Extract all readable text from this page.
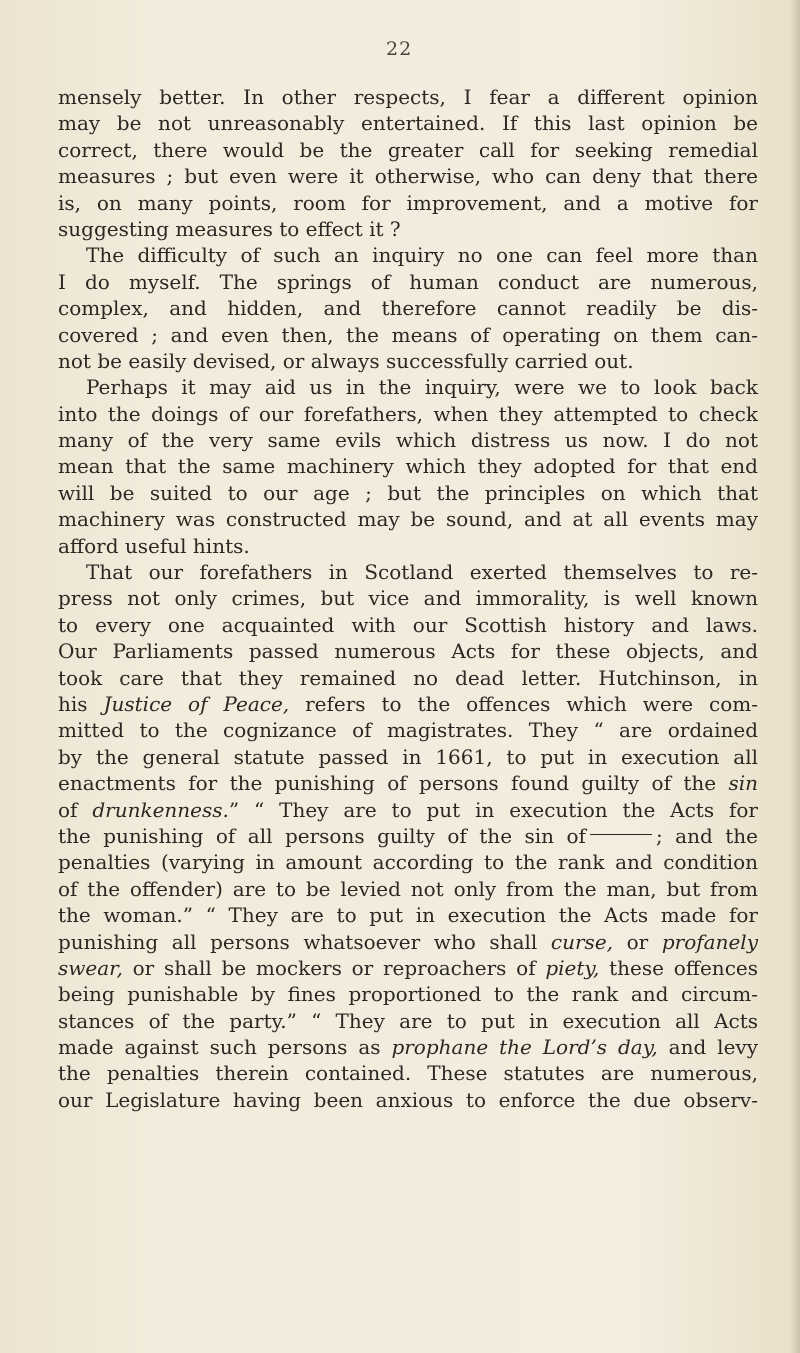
22
mensely better. In other respects, I fear a different opinion
may be not unreasonably entertained. If this last opinion be
correct, there would be the greater call for seeking remedial
measures ; but even were it otherwise, who can deny that there
is, on many points, room for improvement, and a motive for
suggesting measures to effect it ?
The difficulty of such an inquiry no one can feel more than
I do myself. The springs of human conduct are numerous,
complex, and hidden, and therefore cannot readily be dis-
covered ; and even then, the means of operating on them can-
not be easily devised, or always successfully carried out.
Perhaps it may aid us in the inquiry, were we to look back
into the doings of our forefathers, when they attempted to check
many of the very same evils which distress us now. I do not
mean that the same machinery which they adopted for that end
will be suited to our age ; but the principles on which that
machinery was constructed may be sound, and at all events may
afford useful hints.
That our forefathers in Scotland exerted themselves to re-
press not only crimes, but vice and immorality, is well known
to every one acquainted with our Scottish history and laws.
Our Parliaments passed numerous Acts for these objects, and
took care that they remained no dead letter. Hutchinson, in
his Justice of Peace, refers to the offences which were com-
mitted to the cognizance of magistrates. They “ are ordained
by the general statute passed in 1661, to put in execution all
enactments for the punishing of persons found guilty of the sin
of drunkenness.” “ They are to put in execution the Acts for
the punishing of all persons guilty of the sin of	; and the
penalties (varying in amount according to the rank and condition
of the offender) are to be levied not only from the man, but from
the woman.” “ They are to put in execution the Acts made for
punishing all persons whatsoever who shall curse, or profanely
swear, or shall be mockers or reproachers of piety, these offences
being punishable by fines proportioned to the rank and circum-
stances of the party.” “ They are to put in execution all Acts
made against such persons as prophane the Lord’s day, and levy
the penalties therein contained. These statutes are numerous,
our Legislature having been anxious to enforce the due observ-
